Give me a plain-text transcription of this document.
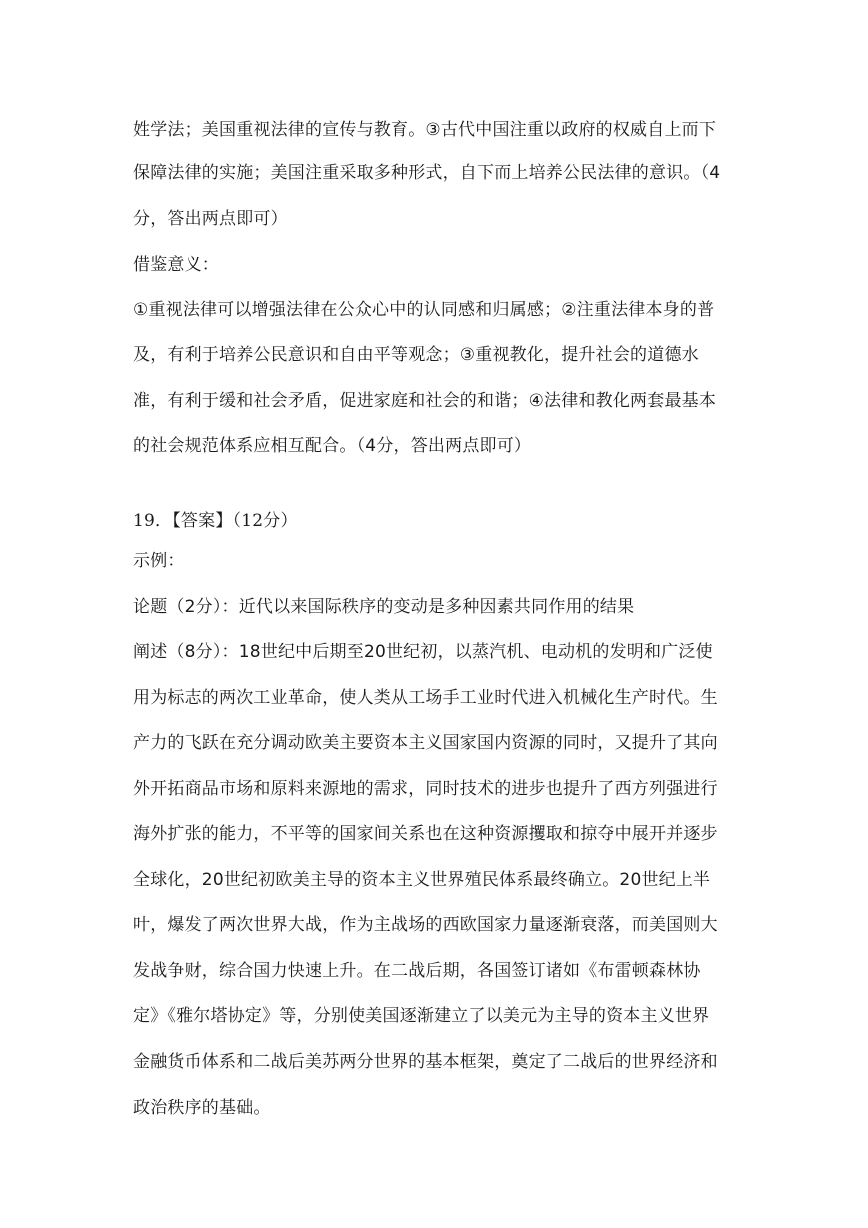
姓学法；美国重视法律的宣传与教育。③古代中国注重以政府的权威自上而下
保障法律的实施；美国注重采取多种形式，自下而上培养公民法律的意识。（4
分，答出两点即可）
借鉴意义：
①重视法律可以增强法律在公众心中的认同感和归属感；②注重法律本身的普
及，有利于培养公民意识和自由平等观念；③重视教化，提升社会的道德水
准，有利于缓和社会矛盾，促进家庭和社会的和谐；④法律和教化两套最基本
的社会规范体系应相互配合。（4分，答出两点即可）
19．【答案】（12分）
示例：
论题（2分）：近代以来国际秩序的变动是多种因素共同作用的结果
阐述（8分）：18世纪中后期至20世纪初，以蒸汽机、电动机的发明和广泛使
用为标志的两次工业革命，使人类从工场手工业时代进入机械化生产时代。生
产力的飞跃在充分调动欧美主要资本主义国家国内资源的同时，又提升了其向
外开拓商品市场和原料来源地的需求，同时技术的进步也提升了西方列强进行
海外扩张的能力，不平等的国家间关系也在这种资源攫取和掠夺中展开并逐步
全球化，20世纪初欧美主导的资本主义世界殖民体系最终确立。20世纪上半
叶，爆发了两次世界大战，作为主战场的西欧国家力量逐渐衰落，而美国则大
发战争财，综合国力快速上升。在二战后期，各国签订诸如《布雷顿森林协
定》《雅尔塔协定》等，分别使美国逐渐建立了以美元为主导的资本主义世界
金融货币体系和二战后美苏两分世界的基本框架，奠定了二战后的世界经济和
政治秩序的基础。
